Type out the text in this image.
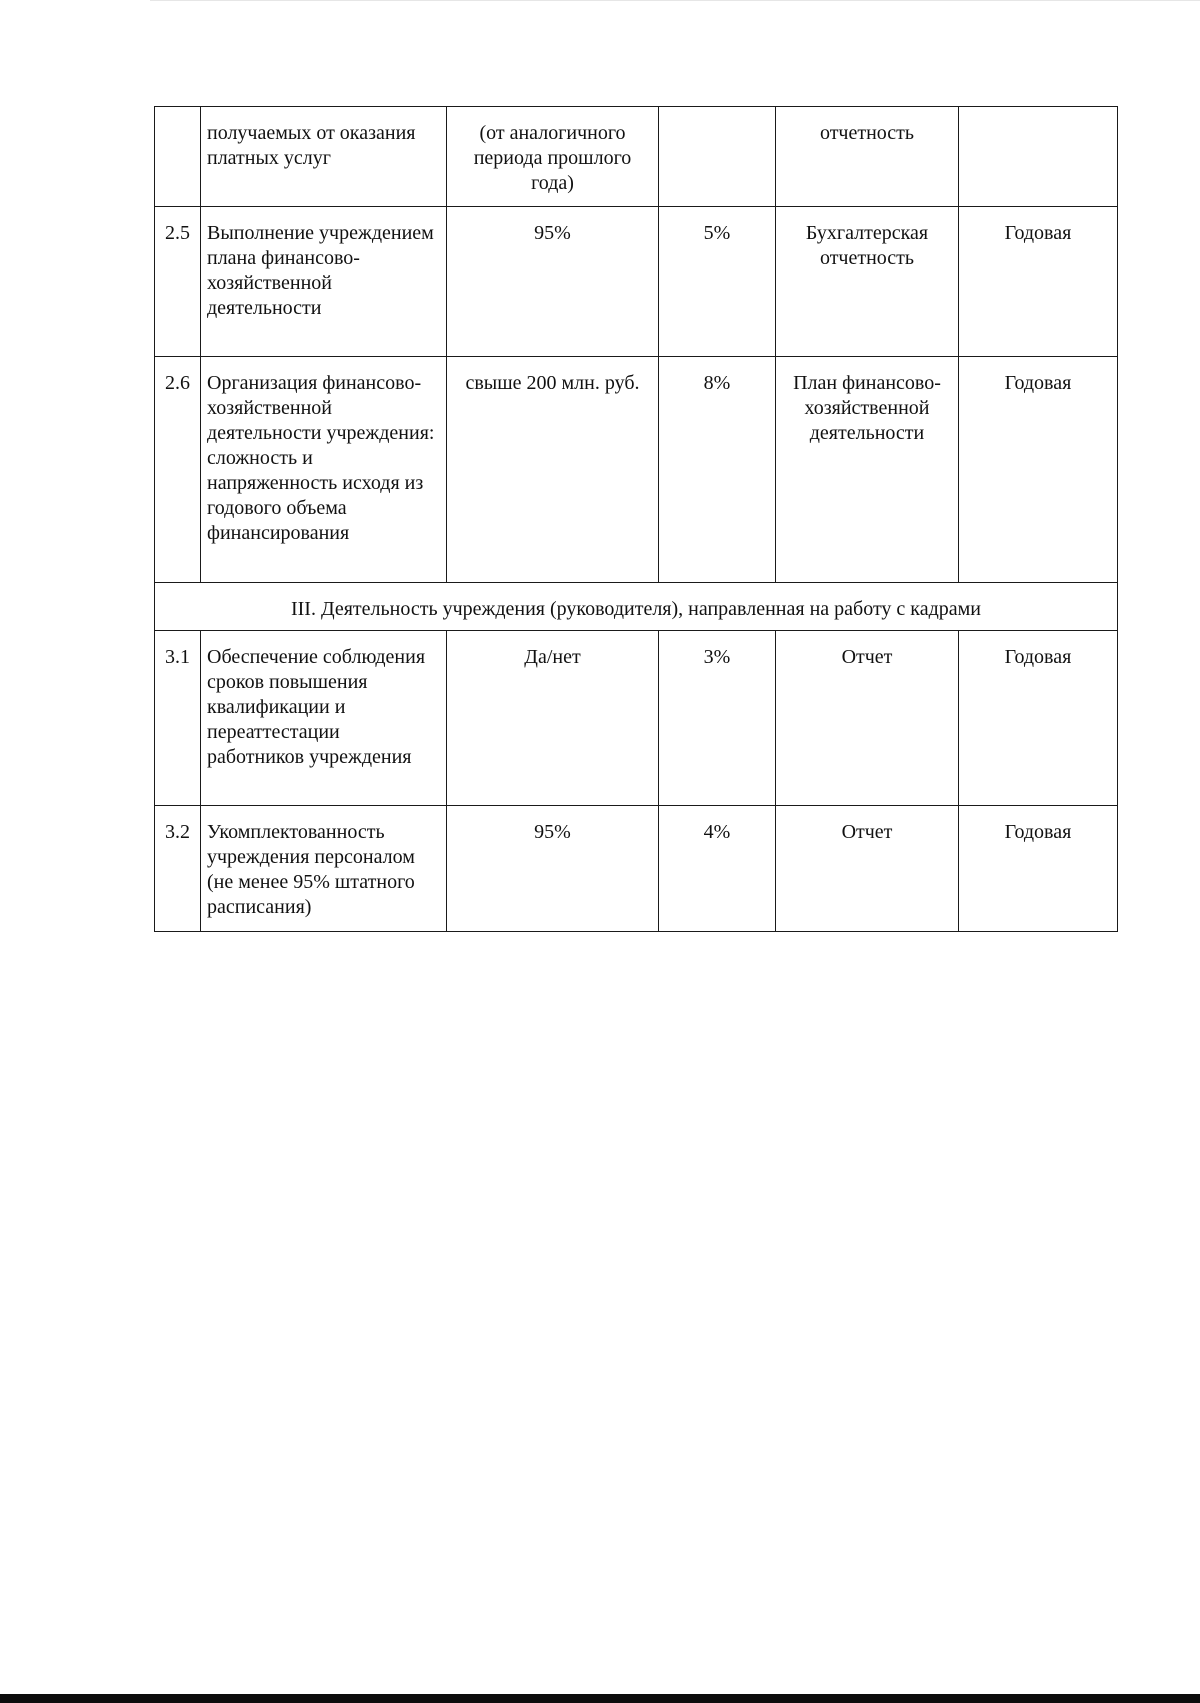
	получаемых от оказания платных услуг	(от аналогичного периода прошлого года)		отчетность	
2.5	Выполнение учреждением плана финансово-хозяйственной деятельности	95%	5%	Бухгалтерская отчетность	Годовая
2.6	Организация финансово-хозяйственной деятельности учреждения: сложность и напряженность исходя из годового объема финансирования	свыше 200 млн. руб.	8%	План финансово-хозяйственной деятельности	Годовая
III. Деятельность учреждения (руководителя), направленная на работу с кадрами					
3.1	Обеспечение соблюдения сроков повышения квалификации и переаттестации работников учреждения	Да/нет	3%	Отчет	Годовая
3.2	Укомплектованность учреждения персоналом (не менее 95% штатного расписания)	95%	4%	Отчет	Годовая
